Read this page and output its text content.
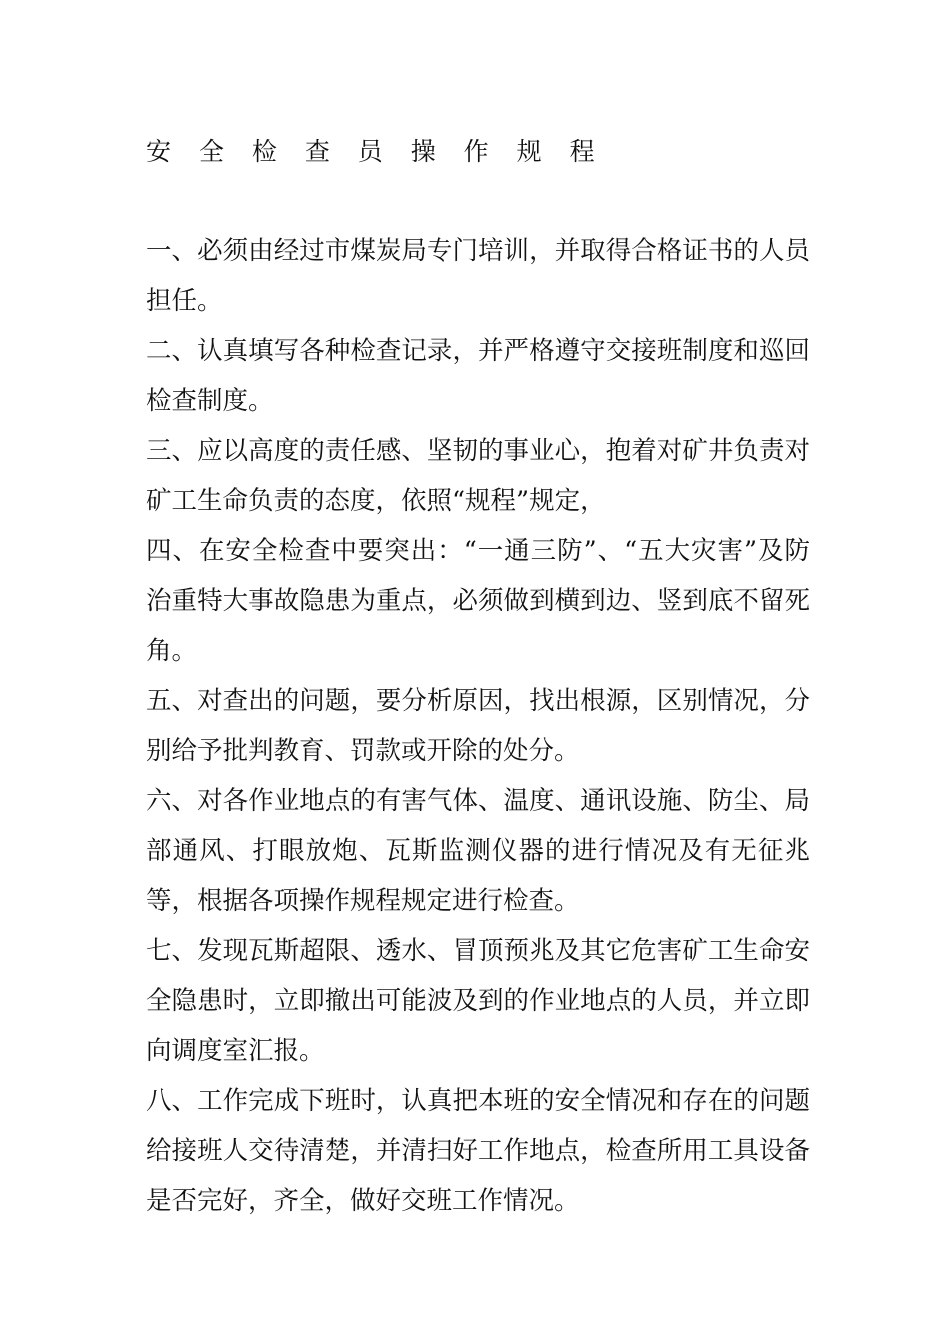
安 全 检 查 员 操 作 规 程

一、必须由经过市煤炭局专门培训，并取得合格证书的人员担任。

二、认真填写各种检查记录，并严格遵守交接班制度和巡回检查制度。

三、应以高度的责任感、坚韧的事业心，抱着对矿井负责对矿工生命负责的态度，依照“规程”规定，

四、在安全检查中要突出：“一通三防”、“五大灾害”及防治重特大事故隐患为重点，必须做到横到边、竖到底不留死角。

五、对查出的问题，要分析原因，找出根源，区别情况，分别给予批判教育、罚款或开除的处分。

六、对各作业地点的有害气体、温度、通讯设施、防尘、局部通风、打眼放炮、瓦斯监测仪器的进行情况及有无征兆等，根据各项操作规程规定进行检查。

七、发现瓦斯超限、透水、冒顶预兆及其它危害矿工生命安全隐患时，立即撤出可能波及到的作业地点的人员，并立即向调度室汇报。

八、工作完成下班时，认真把本班的安全情况和存在的问题给接班人交待清楚，并清扫好工作地点，检查所用工具设备是否完好，齐全，做好交班工作情况。
